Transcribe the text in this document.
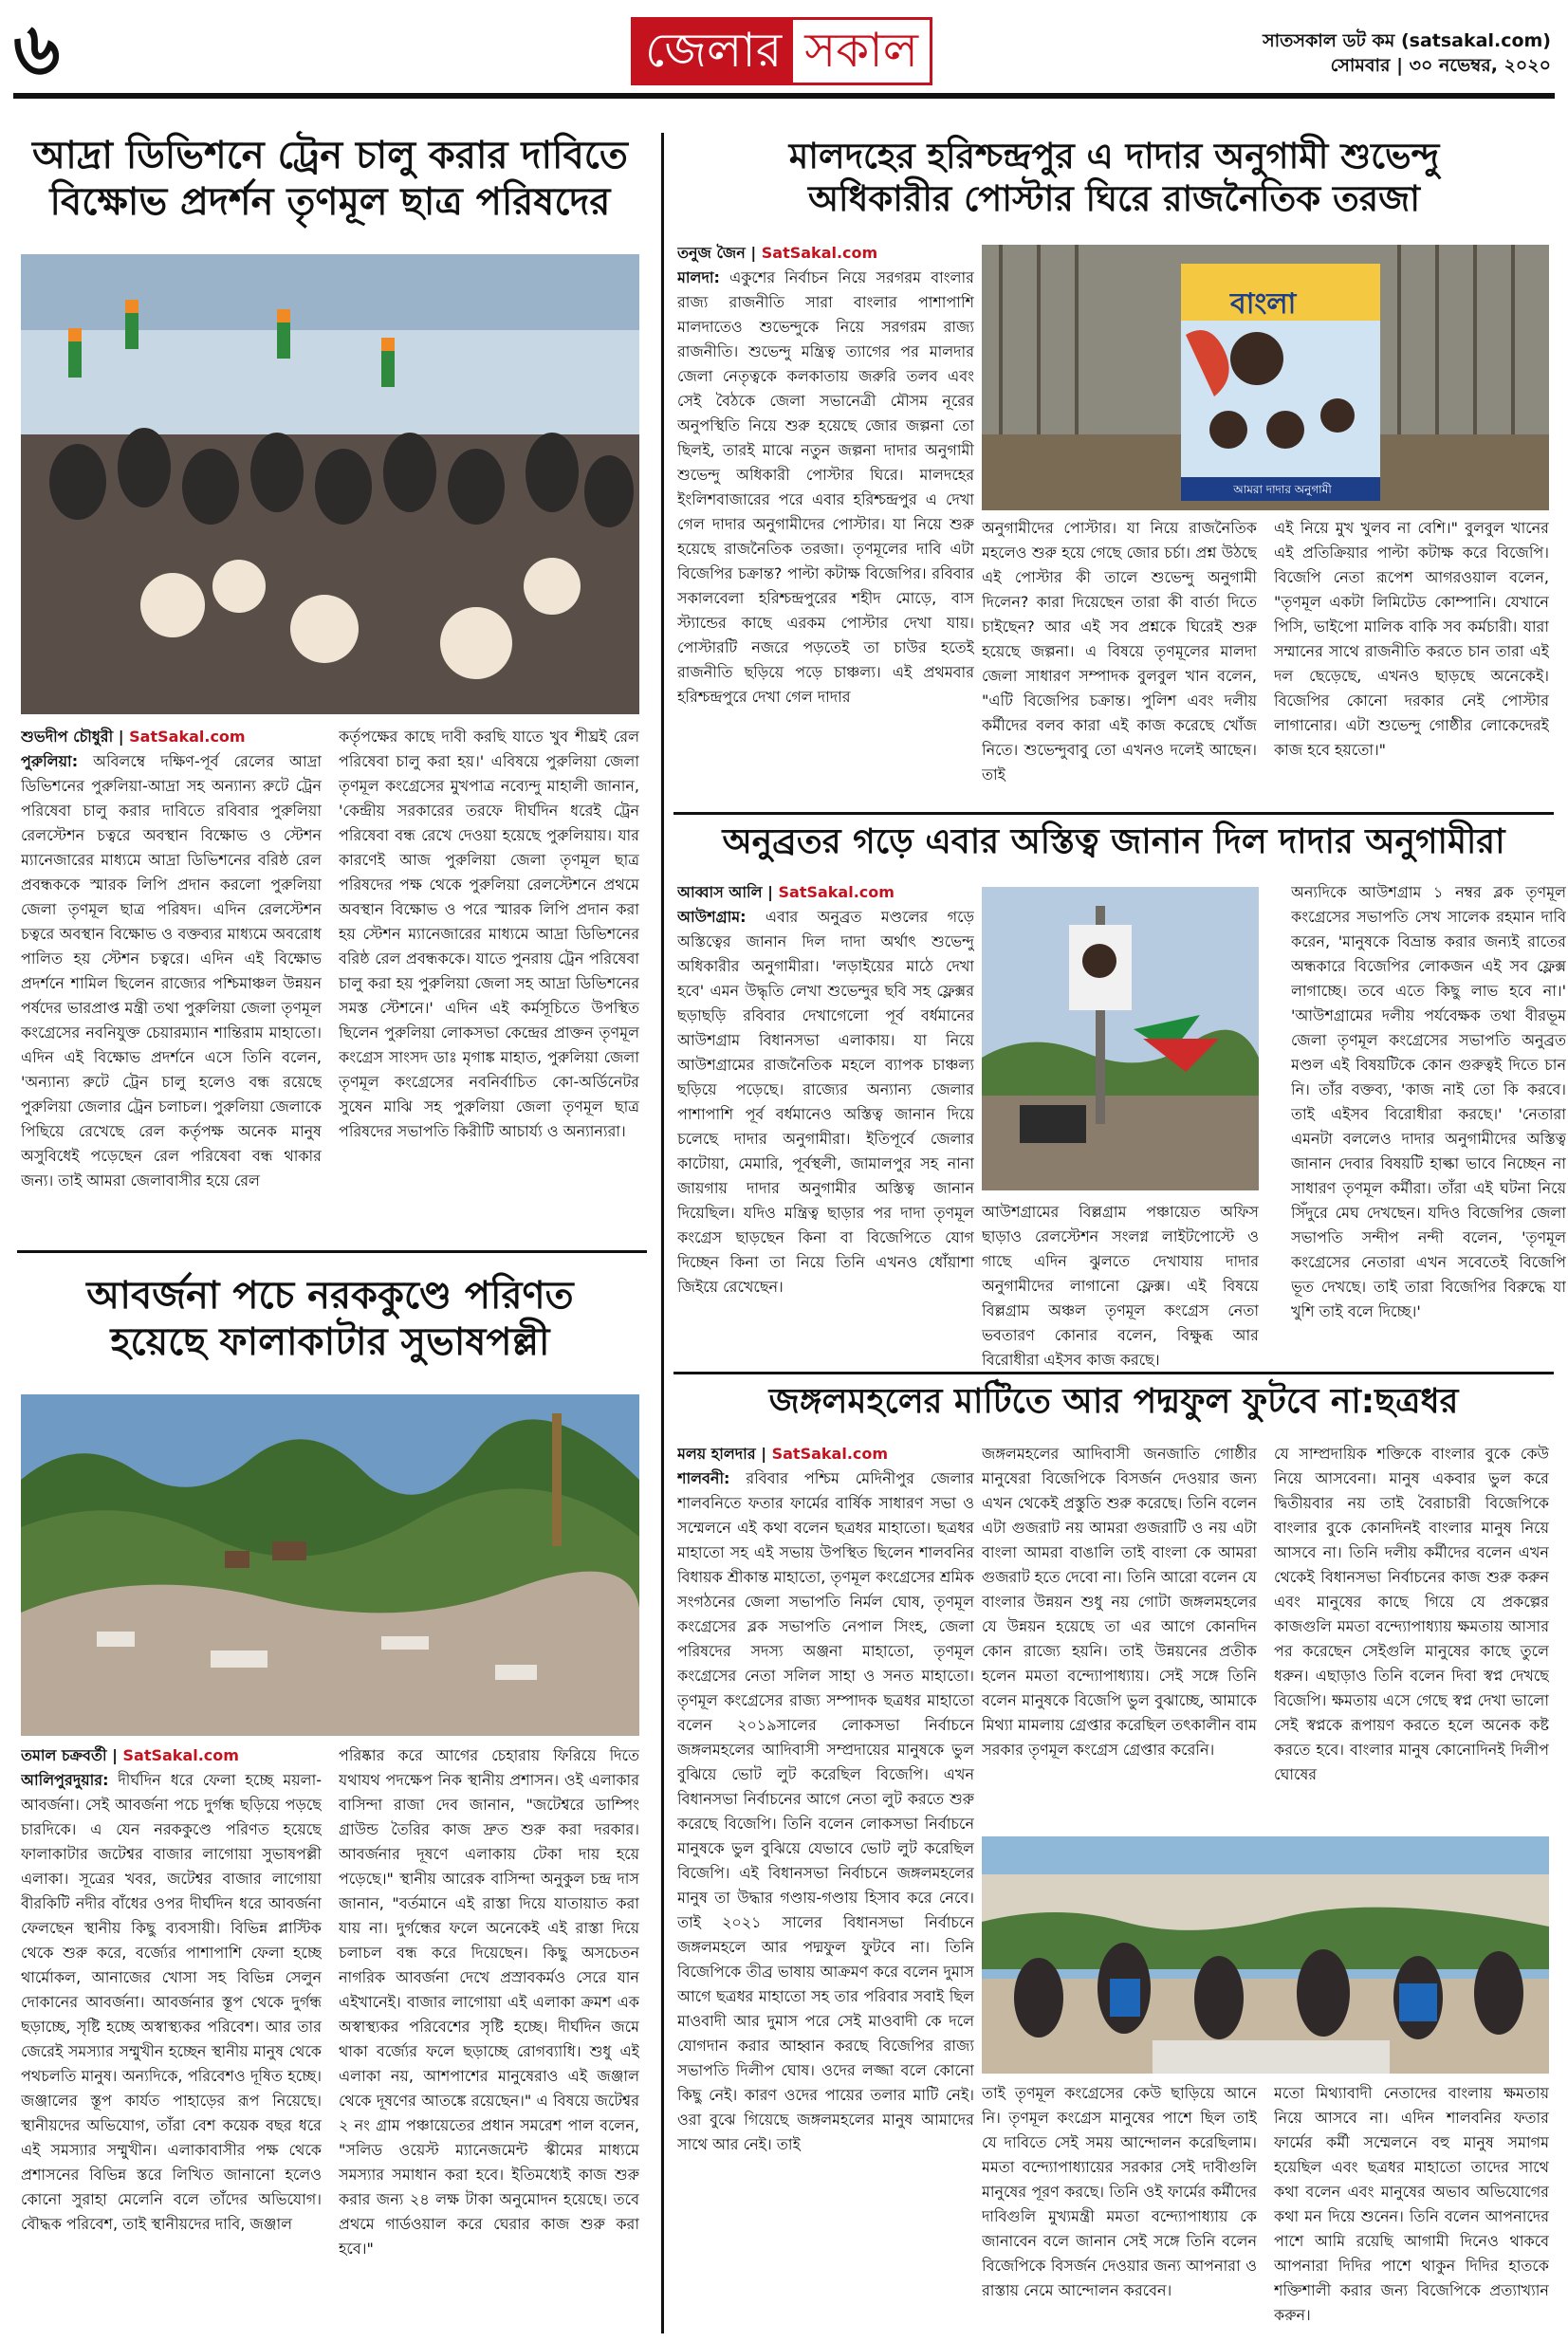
৬	জেলার সকাল	সাতসকাল ডট কম (satsakal.com)
সোমবার | ৩০ নভেম্বর, ২০২০
আদ্রা ডিভিশনে ট্রেন চালু করার দাবিতে
বিক্ষোভ প্রদর্শন তৃণমূল ছাত্র পরিষদের
শুভদীপ চৌধুরী | SatSakal.com
পুরুলিয়া: অবিলম্বে দক্ষিণ-পূর্ব রেলের আদ্রা ডিভিশনের পুরুলিয়া-আদ্রা সহ অন্যান্য রুটে ট্রেন পরিষেবা চালু করার দাবিতে রবিবার পুরুলিয়া রেলস্টেশন চত্বরে অবস্থান বিক্ষোভ ও স্টেশন ম্যানেজারের মাধ্যমে আদ্রা ডিভিশনের বরিষ্ঠ রেল প্রবন্ধককে স্মারক লিপি প্রদান করলো পুরুলিয়া জেলা তৃণমূল ছাত্র পরিষদ। এদিন রেলস্টেশন চত্বরে অবস্থান বিক্ষোভ ও বক্তব্যর মাধ্যমে অবরোধ পালিত হয় স্টেশন চত্বরে। এদিন এই বিক্ষোভ প্রদর্শনে শামিল ছিলেন রাজ্যের পশ্চিমাঞ্চল উন্নয়ন পর্ষদের ভারপ্রাপ্ত মন্ত্রী তথা পুরুলিয়া জেলা তৃণমূল কংগ্রেসের নবনিযুক্ত চেয়ারম্যান শান্তিরাম মাহাতো। এদিন এই বিক্ষোভ প্রদর্শনে এসে তিনি বলেন, 'অন্যান্য রুটে ট্রেন চালু হলেও বন্ধ রয়েছে পুরুলিয়া জেলার ট্রেন চলাচল। পুরুলিয়া জেলাকে পিছিয়ে রেখেছে রেল কর্তৃপক্ষ অনেক মানুষ অসুবিধেই পড়েছেন রেল পরিষেবা বন্ধ থাকার জন্য। তাই আমরা জেলাবাসীর হয়ে রেল
কর্তৃপক্ষের কাছে দাবী করছি যাতে খুব শীঘ্রই রেল পরিষেবা চালু করা হয়।' এবিষয়ে পুরুলিয়া জেলা তৃণমূল কংগ্রেসের মুখপাত্র নব্যেন্দু মাহালী জানান, 'কেন্দ্রীয় সরকারের তরফে দীর্ঘদিন ধরেই ট্রেন পরিষেবা বন্ধ রেখে দেওয়া হয়েছে পুরুলিয়ায়। যার কারণেই আজ পুরুলিয়া জেলা তৃণমূল ছাত্র পরিষদের পক্ষ থেকে পুরুলিয়া রেলস্টেশনে প্রথমে অবস্থান বিক্ষোভ ও পরে স্মারক লিপি প্রদান করা হয় স্টেশন ম্যানেজারের মাধ্যমে আদ্রা ডিভিশনের বরিষ্ঠ রেল প্রবন্ধককে। যাতে পুনরায় ট্রেন পরিষেবা চালু করা হয় পুরুলিয়া জেলা সহ আদ্রা ডিভিশনের সমস্ত স্টেশনে।' এদিন এই কর্মসূচিতে উপস্থিত ছিলেন পুরুলিয়া লোকসভা কেন্দ্রের প্রাক্তন তৃণমূল কংগ্রেস সাংসদ ডাঃ মৃগাঙ্ক মাহাত, পুরুলিয়া জেলা তৃণমূল কংগ্রেসের নবনির্বাচিত কো-অর্ডিনেটর সুষেন মাঝি সহ পুরুলিয়া জেলা তৃণমূল ছাত্র পরিষদের সভাপতি কিরীটি আচার্য্য ও অন্যান্যরা।
আবর্জনা পচে নরককুণ্ডে পরিণত
হয়েছে ফালাকাটার সুভাষপল্লী
তমাল চক্রবর্তী | SatSakal.com
আলিপুরদুয়ার: দীর্ঘদিন ধরে ফেলা হচ্ছে ময়লা-আবর্জনা। সেই আবর্জনা পচে দুর্গন্ধ ছড়িয়ে পড়ছে চারদিকে। এ যেন নরককুণ্ডে পরিণত হয়েছে ফালাকাটার জটেশ্বর বাজার লাগোয়া সুভাষপল্লী এলাকা। সূত্রের খবর, জটেশ্বর বাজার লাগোয়া বীরকিটি নদীর বাঁধের ওপর দীর্ঘদিন ধরে আবর্জনা ফেলছেন স্থানীয় কিছু ব্যবসায়ী। বিভিন্ন প্লাস্টিক থেকে শুরু করে, বর্জ্যের পাশাপাশি ফেলা হচ্ছে থার্মোকল, আনাজের খোসা সহ বিভিন্ন সেলুন দোকানের আবর্জনা। আবর্জনার স্তূপ থেকে দুর্গন্ধ ছড়াচ্ছে, সৃষ্টি হচ্ছে অস্বাস্থ্যকর পরিবেশ। আর তার জেরেই সমস্যার সম্মুখীন হচ্ছেন স্থানীয় মানুষ থেকে পথচলতি মানুষ। অন্যদিকে, পরিবেশও দূষিত হচ্ছে। জঞ্জালের স্তূপ কার্যত পাহাড়ের রূপ নিয়েছে। স্থানীয়দের অভিযোগ, তাঁরা বেশ কয়েক বছর ধরে এই সমস্যার সম্মুখীন। এলাকাবাসীর পক্ষ থেকে প্রশাসনের বিভিন্ন স্তরে লিখিত জানানো হলেও কোনো সুরাহা মেলেনি বলে তাঁদের অভিযোগ। বৌদ্ধক পরিবেশ, তাই স্থানীয়দের দাবি, জঞ্জাল
পরিষ্কার করে আগের চেহারায় ফিরিয়ে দিতে যথাযথ পদক্ষেপ নিক স্থানীয় প্রশাসন। ওই এলাকার বাসিন্দা রাজা দেব জানান, "জটেশ্বরে ডাম্পিং গ্রাউন্ড তৈরির কাজ দ্রুত শুরু করা দরকার। আবর্জনার দূষণে এলাকায় টেকা দায় হয়ে পড়েছে।" স্থানীয় আরেক বাসিন্দা অনুকুল চন্দ্র দাস জানান, "বর্তমানে এই রাস্তা দিয়ে যাতায়াত করা যায় না। দুর্গন্ধের ফলে অনেকেই এই রাস্তা দিয়ে চলাচল বন্ধ করে দিয়েছেন। কিছু অসচেতন নাগরিক আবর্জনা দেখে প্রস্রাবকর্মও সেরে যান এইখানেই। বাজার লাগোয়া এই এলাকা ক্রমশ এক অস্বাস্থ্যকর পরিবেশের সৃষ্টি হচ্ছে। দীর্ঘদিন জমে থাকা বর্জ্যের ফলে ছড়াচ্ছে রোগব্যাধি। শুধু এই এলাকা নয়, আশপাশের মানুষেরাও এই জঞ্জাল থেকে দূষণের আতঙ্কে রয়েছেন।" এ বিষয়ে জটেশ্বর ২ নং গ্রাম পঞ্চায়েতের প্রধান সমরেশ পাল বলেন, "সলিড ওয়েস্ট ম্যানেজমেন্ট স্কীমের মাধ্যমে সমস্যার সমাধান করা হবে। ইতিমধ্যেই কাজ শুরু করার জন্য ২৪ লক্ষ টাকা অনুমোদন হয়েছে। তবে প্রথমে গার্ডওয়াল করে ঘেরার কাজ শুরু করা হবে।"
মালদহের হরিশ্চন্দ্রপুর এ দাদার অনুগামী শুভেন্দু
অধিকারীর পোস্টার ঘিরে রাজনৈতিক তরজা
তনুজ জৈন | SatSakal.com
মালদা: একুশের নির্বাচন নিয়ে সরগরম বাংলার রাজ্য রাজনীতি সারা বাংলার পাশাপাশি মালদাতেও শুভেন্দুকে নিয়ে সরগরম রাজ্য রাজনীতি। শুভেন্দু মন্ত্রিত্ব ত্যাগের পর মালদার জেলা নেতৃত্বকে কলকাতায় জরুরি তলব এবং সেই বৈঠকে জেলা সভানেত্রী মৌসম নূরের অনুপস্থিতি নিয়ে শুরু হয়েছে জোর জল্পনা তো ছিলই, তারই মাঝে নতুন জল্পনা দাদার অনুগামী শুভেন্দু অধিকারী পোস্টার ঘিরে। মালদহের ইংলিশবাজারের পরে এবার হরিশ্চন্দ্রপুর এ দেখা গেল দাদার অনুগামীদের পোস্টার। যা নিয়ে শুরু হয়েছে রাজনৈতিক তরজা। তৃণমূলের দাবি এটা বিজেপির চক্রান্ত? পাল্টা কটাক্ষ বিজেপির। রবিবার সকালবেলা হরিশ্চন্দ্রপুরের শহীদ মোড়ে, বাস স্ট্যান্ডের কাছে এরকম পোস্টার দেখা যায়। পোস্টারটি নজরে পড়তেই তা চাউর হতেই রাজনীতি ছড়িয়ে পড়ে চাঞ্চল্য। এই প্রথমবার হরিশ্চন্দ্রপুরে দেখা গেল দাদার
বাংলা
আমরা দাদার অনুগামী
অনুগামীদের পোস্টার। যা নিয়ে রাজনৈতিক মহলেও শুরু হয়ে গেছে জোর চর্চা। প্রশ্ন উঠছে এই পোস্টার কী তালে শুভেন্দু অনুগামী দিলেন? কারা দিয়েছেন তারা কী বার্তা দিতে চাইছেন? আর এই সব প্রশ্নকে ঘিরেই শুরু হয়েছে জল্পনা। এ বিষয়ে তৃণমূলের মালদা জেলা সাধারণ সম্পাদক বুলবুল খান বলেন, "এটি বিজেপির চক্রান্ত। পুলিশ এবং দলীয় কর্মীদের বলব কারা এই কাজ করেছে খোঁজ নিতে। শুভেন্দুবাবু তো এখনও দলেই আছেন। তাই
এই নিয়ে মুখ খুলব না বেশি।" বুলবুল খানের এই প্রতিক্রিয়ার পাল্টা কটাক্ষ করে বিজেপি। বিজেপি নেতা রূপেশ আগরওয়াল বলেন, "তৃণমূল একটা লিমিটেড কোম্পানি। যেখানে পিসি, ভাইপো মালিক বাকি সব কর্মচারী। যারা সম্মানের সাথে রাজনীতি করতে চান তারা এই দল ছেড়েছে, এখনও ছাড়ছে অনেকেই। বিজেপির কোনো দরকার নেই পোস্টার লাগানোর। এটা শুভেন্দু গোষ্ঠীর লোকেদেরই কাজ হবে হয়তো।"
অনুব্রতর গড়ে এবার অস্তিত্ব জানান দিল দাদার অনুগামীরা
আব্বাস আলি | SatSakal.com
আউশগ্রাম: এবার অনুব্রত মণ্ডলের গড়ে অস্তিত্বের জানান দিল দাদা অর্থাৎ শুভেন্দু অধিকারীর অনুগামীরা। 'লড়াইয়ের মাঠে দেখা হবে' এমন উদ্ধৃতি লেখা শুভেন্দুর ছবি সহ ফ্লেক্সর ছড়াছড়ি রবিবার দেখাগেলো পূর্ব বর্ধমানের আউশগ্রাম বিধানসভা এলাকায়। যা নিয়ে আউশগ্রামের রাজনৈতিক মহলে ব্যাপক চাঞ্চল্য ছড়িয়ে পড়েছে। রাজ্যের অন্যান্য জেলার পাশাপাশি পূর্ব বর্ধমানেও অস্তিত্ব জানান দিয়ে চলেছে দাদার অনুগামীরা। ইতিপূর্বে জেলার কাটোয়া, মেমারি, পূর্বস্থলী, জামালপুর সহ নানা জায়গায় দাদার অনুগামীর অস্তিত্ব জানান দিয়েছিল। যদিও মন্ত্রিত্ব ছাড়ার পর দাদা তৃণমূল কংগ্রেস ছাড়ছেন কিনা বা বিজেপিতে যোগ দিচ্ছেন কিনা তা নিয়ে তিনি এখনও ধোঁয়াশা জিইয়ে রেখেছেন।
আউশগ্রামের বিল্লগ্রাম পঞ্চায়েত অফিস ছাড়াও রেলস্টেশন সংলগ্ন লাইটপোস্টে ও গাছে এদিন ঝুলতে দেখাযায় দাদার অনুগামীদের লাগানো ফ্লেক্স। এই বিষয়ে বিল্লগ্রাম অঞ্চল তৃণমূল কংগ্রেস নেতা ভবতারণ কোনার বলেন, বিক্ষুব্ধ আর বিরোধীরা এইসব কাজ করছে।
অন্যদিকে আউশগ্রাম ১ নম্বর ব্লক তৃণমূল কংগ্রেসের সভাপতি সেখ সালেক রহমান দাবি করেন, 'মানুষকে বিভ্রান্ত করার জন্যই রাতের অন্ধকারে বিজেপির লোকজন এই সব ফ্লেক্স লাগাচ্ছে। তবে এতে কিছু লাভ হবে না।' 'আউশগ্রামের দলীয় পর্যবেক্ষক তথা বীরভূম জেলা তৃণমূল কংগ্রেসের সভাপতি অনুব্রত মণ্ডল এই বিষয়টিকে কোন গুরুত্বই দিতে চান নি। তাঁর বক্তব্য, 'কাজ নাই তো কি করবে। তাই এইসব বিরোধীরা করছে।' 'নেতারা এমনটা বললেও দাদার অনুগামীদের অস্তিত্ব জানান দেবার বিষয়টি হাল্কা ভাবে নিচ্ছেন না সাধারণ তৃণমূল কর্মীরা। তাঁরা এই ঘটনা নিয়ে সিঁদুরে মেঘ দেখছেন। যদিও বিজেপির জেলা সভাপতি সন্দীপ নন্দী বলেন, 'তৃণমূল কংগ্রেসের নেতারা এখন সবেতেই বিজেপি ভূত দেখছে। তাই তারা বিজেপির বিরুদ্ধে যা খুশি তাই বলে দিচ্ছে।'
জঙ্গলমহলের মাটিতে আর পদ্মফুল ফুটবে না:ছত্রধর
মলয় হালদার | SatSakal.com
শালবনী: রবিবার পশ্চিম মেদিনীপুর জেলার শালবনিতে ফতার ফার্মের বার্ষিক সাধারণ সভা ও সম্মেলনে এই কথা বলেন ছত্রধর মাহাতো। ছত্রধর মাহাতো সহ এই সভায় উপস্থিত ছিলেন শালবনির বিধায়ক শ্রীকান্ত মাহাতো, তৃণমূল কংগ্রেসের শ্রমিক সংগঠনের জেলা সভাপতি নির্মল ঘোষ, তৃণমূল কংগ্রেসের ব্লক সভাপতি নেপাল সিংহ, জেলা পরিষদের সদস্য অঞ্জনা মাহাতো, তৃণমূল কংগ্রেসের নেতা সলিল সাহা ও সনত মাহাতো। তৃণমূল কংগ্রেসের রাজ্য সম্পাদক ছত্রধর মাহাতো বলেন ২০১৯সালের লোকসভা নির্বাচনে জঙ্গলমহলের আদিবাসী সম্প্রদায়ের মানুষকে ভুল বুঝিয়ে ভোট লুট করেছিল বিজেপি। এখন বিধানসভা নির্বাচনের আগে নেতা লুট করতে শুরু করেছে বিজেপি। তিনি বলেন লোকসভা নির্বাচনে মানুষকে ভুল বুঝিয়ে যেভাবে ভোট লুট করেছিল বিজেপি। এই বিধানসভা নির্বাচনে জঙ্গলমহলের মানুষ তা উদ্ধার গণ্ডায়-গণ্ডায় হিসাব করে নেবে। তাই ২০২১ সালের বিধানসভা নির্বাচনে জঙ্গলমহলে আর পদ্মফুল ফুটবে না। তিনি বিজেপিকে তীব্র ভাষায় আক্রমণ করে বলেন দুমাস আগে ছত্রধর মাহাতো সহ তার পরিবার সবাই ছিল মাওবাদী আর দুমাস পরে সেই মাওবাদী কে দলে যোগদান করার আহ্বান করছে বিজেপির রাজ্য সভাপতি দিলীপ ঘোষ। ওদের লজ্জা বলে কোনো কিছু নেই। কারণ ওদের পায়ের তলার মাটি নেই। ওরা বুঝে গিয়েছে জঙ্গলমহলের মানুষ আমাদের সাথে আর নেই। তাই
জঙ্গলমহলের আদিবাসী জনজাতি গোষ্ঠীর মানুষেরা বিজেপিকে বিসর্জন দেওয়ার জন্য এখন থেকেই প্রস্তুতি শুরু করেছে। তিনি বলেন এটা গুজরাট নয় আমরা গুজরাটি ও নয় এটা বাংলা আমরা বাঙালি তাই বাংলা কে আমরা গুজরাট হতে দেবো না। তিনি আরো বলেন যে বাংলার উন্নয়ন শুধু নয় গোটা জঙ্গলমহলের যে উন্নয়ন হয়েছে তা এর আগে কোনদিন কোন রাজ্যে হয়নি। তাই উন্নয়নের প্রতীক হলেন মমতা বন্দ্যোপাধ্যায়। সেই সঙ্গে তিনি বলেন মানুষকে বিজেপি ভুল বুঝাচ্ছে, আমাকে মিথ্যা মামলায় গ্রেপ্তার করেছিল তৎকালীন বাম সরকার তৃণমূল কংগ্রেস গ্রেপ্তার করেনি।
যে সাম্প্রদায়িক শক্তিকে বাংলার বুকে কেউ নিয়ে আসবেনা। মানুষ একবার ভুল করে দ্বিতীয়বার নয় তাই বৈরাচারী বিজেপিকে বাংলার বুকে কোনদিনই বাংলার মানুষ নিয়ে আসবে না। তিনি দলীয় কর্মীদের বলেন এখন থেকেই বিধানসভা নির্বাচনের কাজ শুরু করুন এবং মানুষের কাছে গিয়ে যে প্রকল্পের কাজগুলি মমতা বন্দ্যোপাধ্যায় ক্ষমতায় আসার পর করেছেন সেইগুলি মানুষের কাছে তুলে ধরুন। এছাড়াও তিনি বলেন দিবা স্বপ্ন দেখছে বিজেপি। ক্ষমতায় এসে গেছে স্বপ্ন দেখা ভালো সেই স্বপ্নকে রূপায়ণ করতে হলে অনেক কষ্ট করতে হবে। বাংলার মানুষ কোনোদিনই দিলীপ ঘোষের
তাই তৃণমূল কংগ্রেসের কেউ ছাড়িয়ে আনে নি। তৃণমূল কংগ্রেস মানুষের পাশে ছিল তাই যে দাবিতে সেই সময় আন্দোলন করেছিলাম। মমতা বন্দ্যোপাধ্যায়ের সরকার সেই দাবীগুলি মানুষের পূরণ করছে। তিনি ওই ফার্মের কর্মীদের দাবিগুলি মুখ্যমন্ত্রী মমতা বন্দ্যোপাধ্যায় কে জানাবেন বলে জানান সেই সঙ্গে তিনি বলেন বিজেপিকে বিসর্জন দেওয়ার জন্য আপনারা ও রাস্তায় নেমে আন্দোলন করবেন।
মতো মিথ্যাবাদী নেতাদের বাংলায় ক্ষমতায় নিয়ে আসবে না। এদিন শালবনির ফতার ফার্মের কর্মী সম্মেলনে বহু মানুষ সমাগম হয়েছিল এবং ছত্রধর মাহাতো তাদের সাথে কথা বলেন এবং মানুষের অভাব অভিযোগের কথা মন দিয়ে শুনেন। তিনি বলেন আপনাদের পাশে আমি রয়েছি আগামী দিনেও থাকবে আপনারা দিদির পাশে থাকুন দিদির হাতকে শক্তিশালী করার জন্য বিজেপিকে প্রত্যাখ্যান করুন।
